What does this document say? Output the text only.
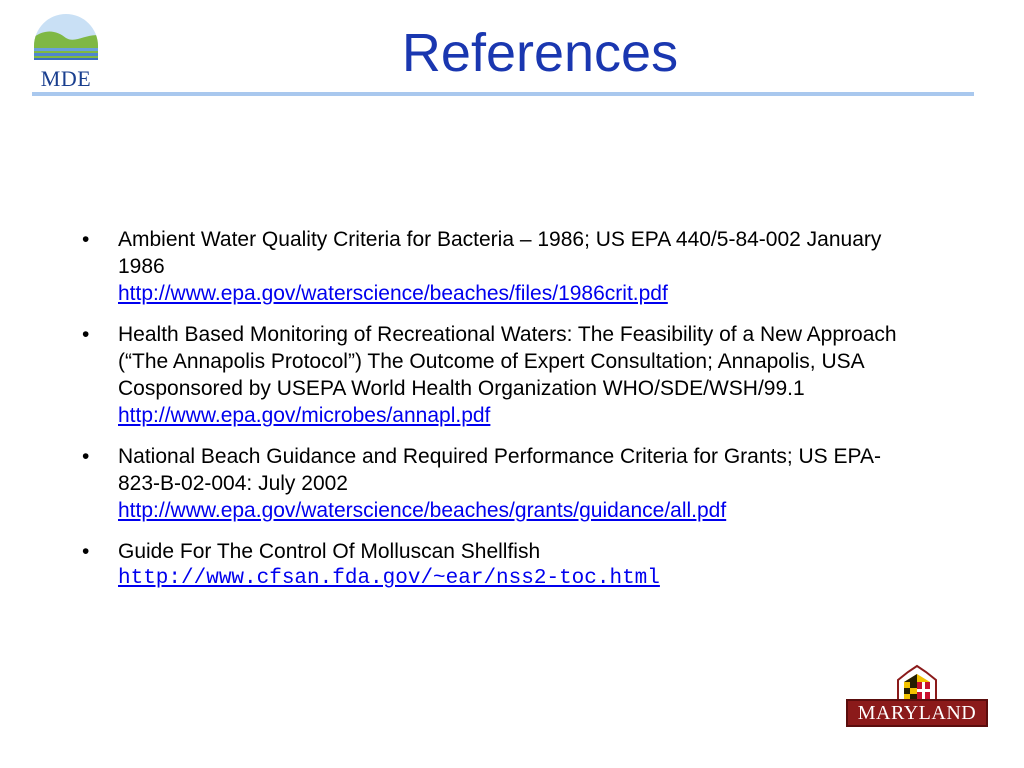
MDE	References
• Ambient Water Quality Criteria for Bacteria – 1986; US EPA 440/5-84-002 January 1986
http://www.epa.gov/waterscience/beaches/files/1986crit.pdf
• Health Based Monitoring of Recreational Waters: The Feasibility of a New Approach (“The Annapolis Protocol”) The Outcome of Expert Consultation; Annapolis, USA Cosponsored by USEPA World Health Organization WHO/SDE/WSH/99.1
http://www.epa.gov/microbes/annapl.pdf
• National Beach Guidance and Required Performance Criteria for Grants; US EPA-823-B-02-004: July 2002
http://www.epa.gov/waterscience/beaches/grants/guidance/all.pdf
• Guide For The Control Of Molluscan Shellfish
http://www.cfsan.fda.gov/~ear/nss2-toc.html
MARYLAND
